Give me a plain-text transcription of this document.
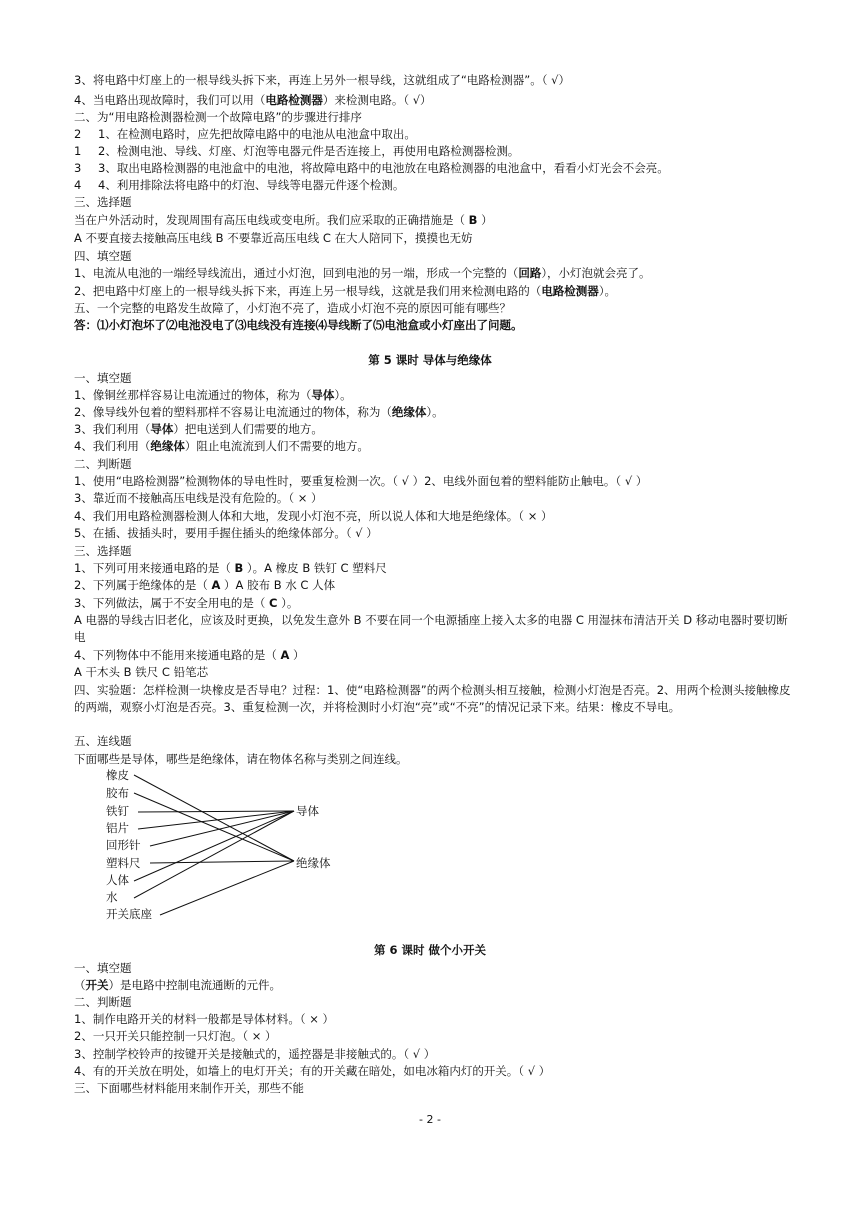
3、将电路中灯座上的一根导线头拆下来，再连上另外一根导线，这就组成了“电路检测器”。（ √）
4、当电路出现故障时，我们可以用（电路检测器）来检测电路。（ √）
二、为“用电路检测器检测一个故障电路”的步骤进行排序
2 1、在检测电路时，应先把故障电路中的电池从电池盒中取出。
1 2、检测电池、导线、灯座、灯泡等电器元件是否连接上，再使用电路检测器检测。
3 3、取出电路检测器的电池盒中的电池，将故障电路中的电池放在电路检测器的电池盒中，看看小灯光会不会亮。
4 4、利用排除法将电路中的灯泡、导线等电器元件逐个检测。
三、选择题
当在户外活动时，发现周围有高压电线或变电所。我们应采取的正确措施是（ B ）
A 不要直接去接触高压电线 B 不要靠近高压电线 C 在大人陪同下，摸摸也无妨
四、填空题
1、电流从电池的一端经导线流出，通过小灯泡，回到电池的另一端，形成一个完整的（回路），小灯泡就会亮了。
2、把电路中灯座上的一根导线头拆下来，再连上另一根导线，这就是我们用来检测电路的（电路检测器）。
五、一个完整的电路发生故障了，小灯泡不亮了，造成小灯泡不亮的原因可能有哪些？
答：⑴小灯泡坏了⑵电池没电了⑶电线没有连接⑷导线断了⑸电池盒或小灯座出了问题。
第 5 课时 导体与绝缘体
一、填空题
1、像铜丝那样容易让电流通过的物体，称为（导体）。
2、像导线外包着的塑料那样不容易让电流通过的物体，称为（绝缘体）。
3、我们利用（导体）把电送到人们需要的地方。
4、我们利用（绝缘体）阻止电流流到人们不需要的地方。
二、判断题
1、使用“电路检测器”检测物体的导电性时，要重复检测一次。（ √ ）2、电线外面包着的塑料能防止触电。（ √ ）
3、靠近而不接触高压电线是没有危险的。（ × ）
4、我们用电路检测器检测人体和大地，发现小灯泡不亮，所以说人体和大地是绝缘体。（ × ）
5、在插、拔插头时，要用手握住插头的绝缘体部分。（ √ ）
三、选择题
1、下列可用来接通电路的是（ B ）。A 橡皮 B 铁钉 C 塑料尺
2、下列属于绝缘体的是（ A ）A 胶布 B 水 C 人体
3、下列做法，属于不安全用电的是（ C ）。
A 电器的导线古旧老化，应该及时更换，以免发生意外 B 不要在同一个电源插座上接入太多的电器 C 用湿抹布清洁开关 D 移动电器时要切断电
4、下列物体中不能用来接通电路的是（ A ）
A 干木头 B 铁尺 C 铅笔芯
四、实验题：怎样检测一块橡皮是否导电？过程：1、使“电路检测器”的两个检测头相互接触，检测小灯泡是否亮。2、用两个检测头接触橡皮的两端，观察小灯泡是否亮。3、重复检测一次，并将检测时小灯泡“亮”或“不亮”的情况记录下来。结果：橡皮不导电。
五、连线题
下面哪些是导体，哪些是绝缘体，请在物体名称与类别之间连线。
橡皮
胶布
铁钉
铝片
回形针
塑料尺
人体
水
开关底座
导体
绝缘体
第 6 课时 做个小开关
一、填空题
（开关）是电路中控制电流通断的元件。
二、判断题
1、制作电路开关的材料一般都是导体材料。（ × ）
2、一只开关只能控制一只灯泡。（ × ）
3、控制学校铃声的按键开关是接触式的，遥控器是非接触式的。（ √ ）
4、有的开关放在明处，如墙上的电灯开关；有的开关藏在暗处，如电冰箱内灯的开关。（ √ ）
三、下面哪些材料能用来制作开关，那些不能
- 2 -
